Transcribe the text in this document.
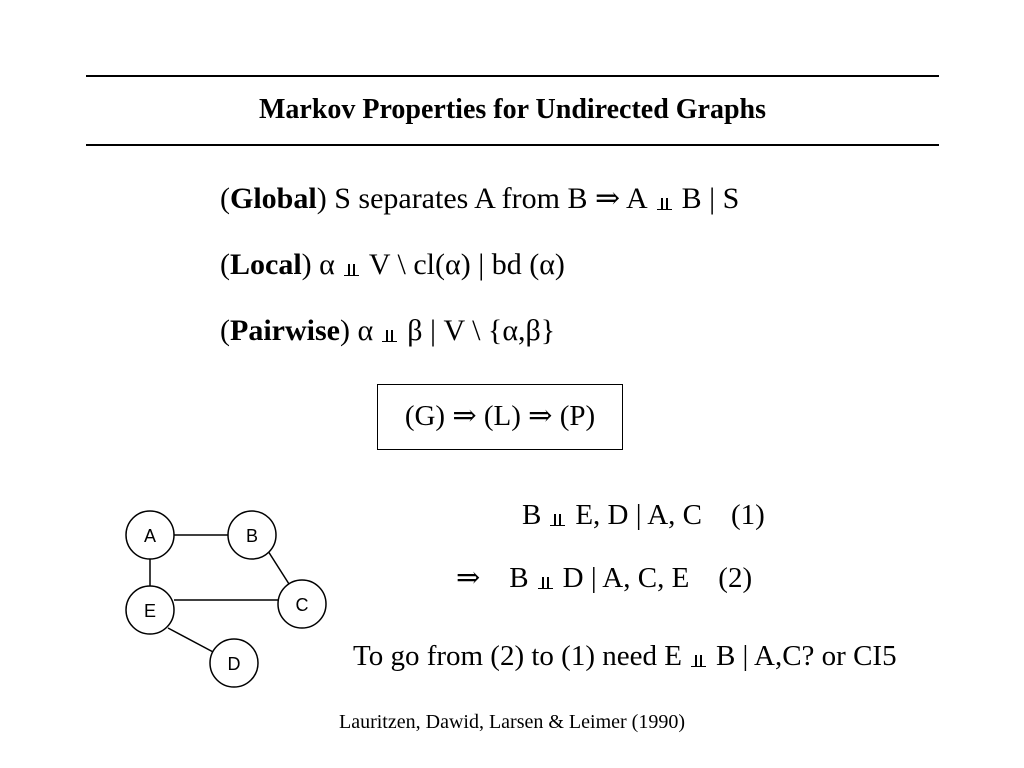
Markov Properties for Undirected Graphs
(Global) S separates A from B ⇒ A B | S
(Local) α V \ cl(α) | bd (α)
(Pairwise) α β | V \ {α,β}
(G) ⇒ (L) ⇒ (P)
A	B
C
E
D
B E, D | A, C    (1)
⇒    B D | A, C, E    (2)
To go from (2) to (1) need E B | A,C? or CI5
Lauritzen, Dawid, Larsen & Leimer (1990)
